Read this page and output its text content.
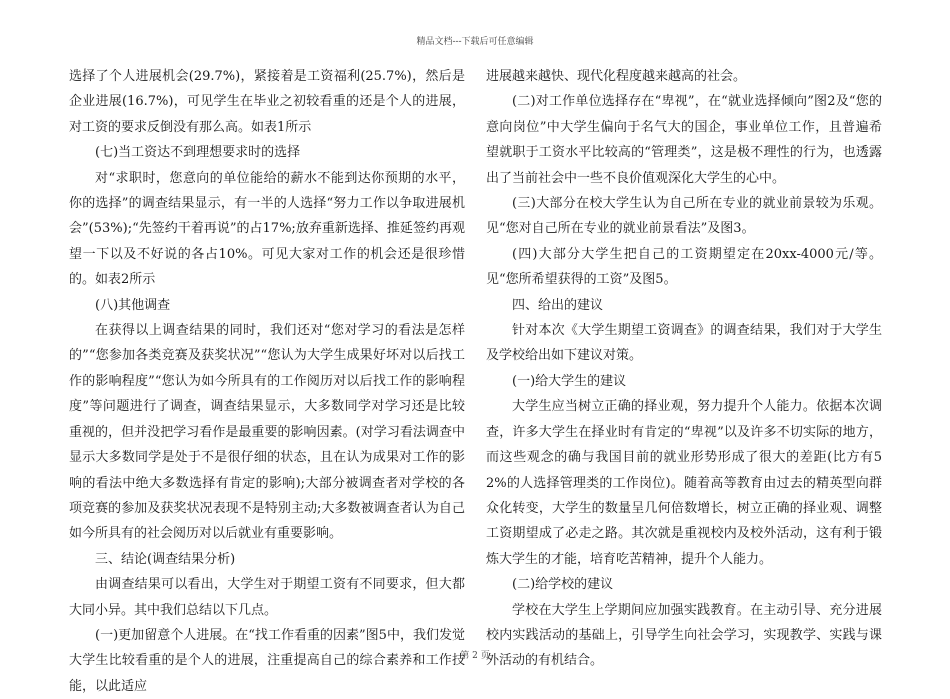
精品文档---下载后可任意编辑

选择了个人进展机会(29.7%)，紧接着是工资福利(25.7%)，然后是企业进展(16.7%)，可见学生在毕业之初较看重的还是个人的进展，对工资的要求反倒没有那么高。如表1所示

(七)当工资达不到理想要求时的选择

对“求职时，您意向的单位能给的薪水不能到达你预期的水平，你的选择”的调查结果显示，有一半的人选择“努力工作以争取进展机会”(53%);“先签约干着再说”的占17%;放弃重新选择、推延签约再观望一下以及不好说的各占10%。可见大家对工作的机会还是很珍惜的。如表2所示

(八)其他调查

在获得以上调查结果的同时，我们还对“您对学习的看法是怎样的”“您参加各类竞赛及获奖状况”“您认为大学生成果好坏对以后找工作的影响程度”“您认为如今所具有的工作阅历对以后找工作的影响程度”等问题进行了调查，调查结果显示，大多数同学对学习还是比较重视的，但并没把学习看作是最重要的影响因素。(对学习看法调查中显示大多数同学是处于不是很仔细的状态，且在认为成果对工作的影响的看法中绝大多数选择有肯定的影响);大部分被调查者对学校的各项竞赛的参加及获奖状况表现不是特别主动;大多数被调查者认为自己如今所具有的社会阅历对以后就业有重要影响。

三、结论(调查结果分析)

由调查结果可以看出，大学生对于期望工资有不同要求，但大都大同小异。其中我们总结以下几点。

(一)更加留意个人进展。在“找工作看重的因素”图5中，我们发觉大学生比较看重的是个人的进展，注重提高自己的综合素养和工作技能，以此适应

进展越来越快、现代化程度越来越高的社会。

(二)对工作单位选择存在“卑视”，在“就业选择倾向”图2及“您的意向岗位”中大学生偏向于名气大的国企，事业单位工作，且普遍希望就职于工资水平比较高的“管理类”，这是极不理性的行为，也透露出了当前社会中一些不良价值观深化大学生的心中。

(三)大部分在校大学生认为自己所在专业的就业前景较为乐观。见“您对自己所在专业的就业前景看法”及图3。

(四)大部分大学生把自己的工资期望定在20xx-4000元/等。见“您所希望获得的工资”及图5。

四、给出的建议

针对本次《大学生期望工资调查》的调查结果，我们对于大学生及学校给出如下建议对策。

(一)给大学生的建议

大学生应当树立正确的择业观，努力提升个人能力。依据本次调查，许多大学生在择业时有肯定的“卑视”以及许多不切实际的地方，而这些观念的确与我国目前的就业形势形成了很大的差距(比方有52%的人选择管理类的工作岗位)。随着高等教育由过去的精英型向群众化转变，大学生的数量呈几何倍数增长，树立正确的择业观、调整工资期望成了必走之路。其次就是重视校内及校外活动，这有利于锻炼大学生的才能，培育吃苦精神，提升个人能力。

(二)给学校的建议

学校在大学生上学期间应加强实践教育。在主动引导、充分进展校内实践活动的基础上，引导学生向社会学习，实现教学、实践与课外活动的有机结合。

第 2 页
